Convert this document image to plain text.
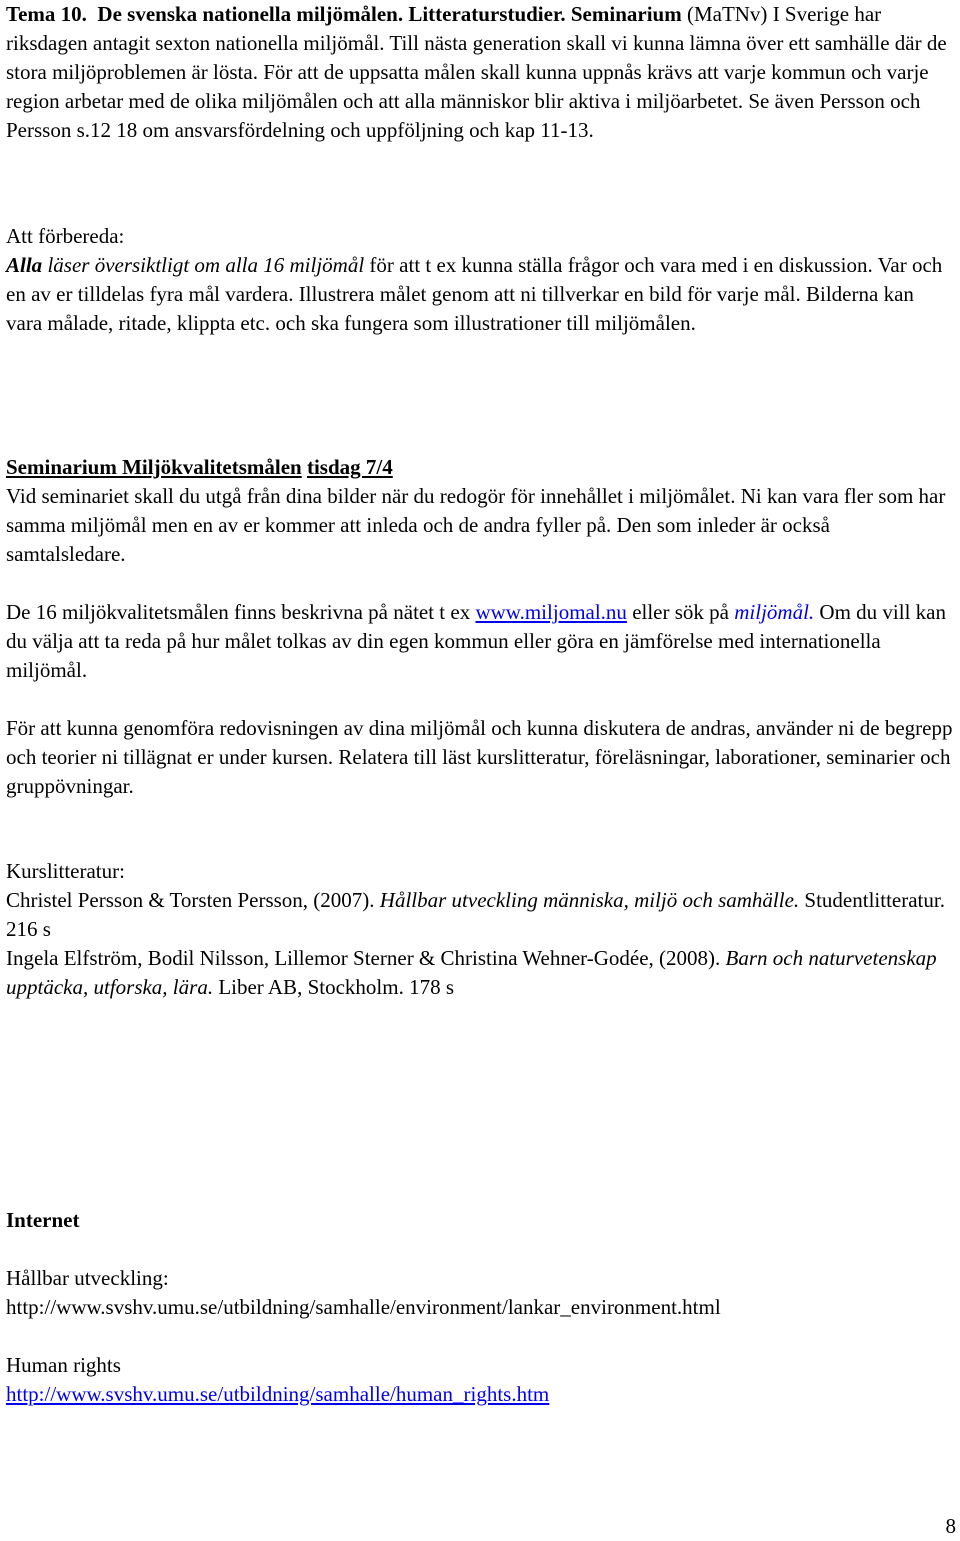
Tema 10. De svenska nationella miljömålen. Litteraturstudier. Seminarium (MaTNv) I Sverige har riksdagen antagit sexton nationella miljömål. Till nästa generation skall vi kunna lämna över ett samhälle där de stora miljöproblemen är lösta. För att de uppsatta målen skall kunna uppnås krävs att varje kommun och varje region arbetar med de olika miljömålen och att alla människor blir aktiva i miljöarbetet. Se även Persson och Persson s.12 18 om ansvarsfördelning och uppföljning och kap 11-13.

Att förbereda:

Alla läser översiktligt om alla 16 miljömål för att t ex kunna ställa frågor och vara med i en diskussion. Var och en av er tilldelas fyra mål vardera. Illustrera målet genom att ni tillverkar en bild för varje mål. Bilderna kan vara målade, ritade, klippta etc. och ska fungera som illustrationer till miljömålen.

Seminarium Miljökvalitetsmålen tisdag 7/4

Vid seminariet skall du utgå från dina bilder när du redogör för innehållet i miljömålet. Ni kan vara fler som har samma miljömål men en av er kommer att inleda och de andra fyller på. Den som inleder är också samtalsledare.

De 16 miljökvalitetsmålen finns beskrivna på nätet t ex www.miljomal.nu eller sök på miljömål. Om du vill kan du välja att ta reda på hur målet tolkas av din egen kommun eller göra en jämförelse med internationella miljömål.

För att kunna genomföra redovisningen av dina miljömål och kunna diskutera de andras, använder ni de begrepp och teorier ni tillägnat er under kursen. Relatera till läst kurslitteratur, föreläsningar, laborationer, seminarier och gruppövningar.

Kurslitteratur:

Christel Persson & Torsten Persson, (2007). Hållbar utveckling människa, miljö och samhälle. Studentlitteratur. 216 s

Ingela Elfström, Bodil Nilsson, Lillemor Sterner & Christina Wehner-Godée, (2008). Barn och naturvetenskap upptäcka, utforska, lära. Liber AB, Stockholm. 178 s

Internet

Hållbar utveckling:

http://www.svshv.umu.se/utbildning/samhalle/environment/lankar_environment.html

Human rights

http://www.svshv.umu.se/utbildning/samhalle/human_rights.htm

8
